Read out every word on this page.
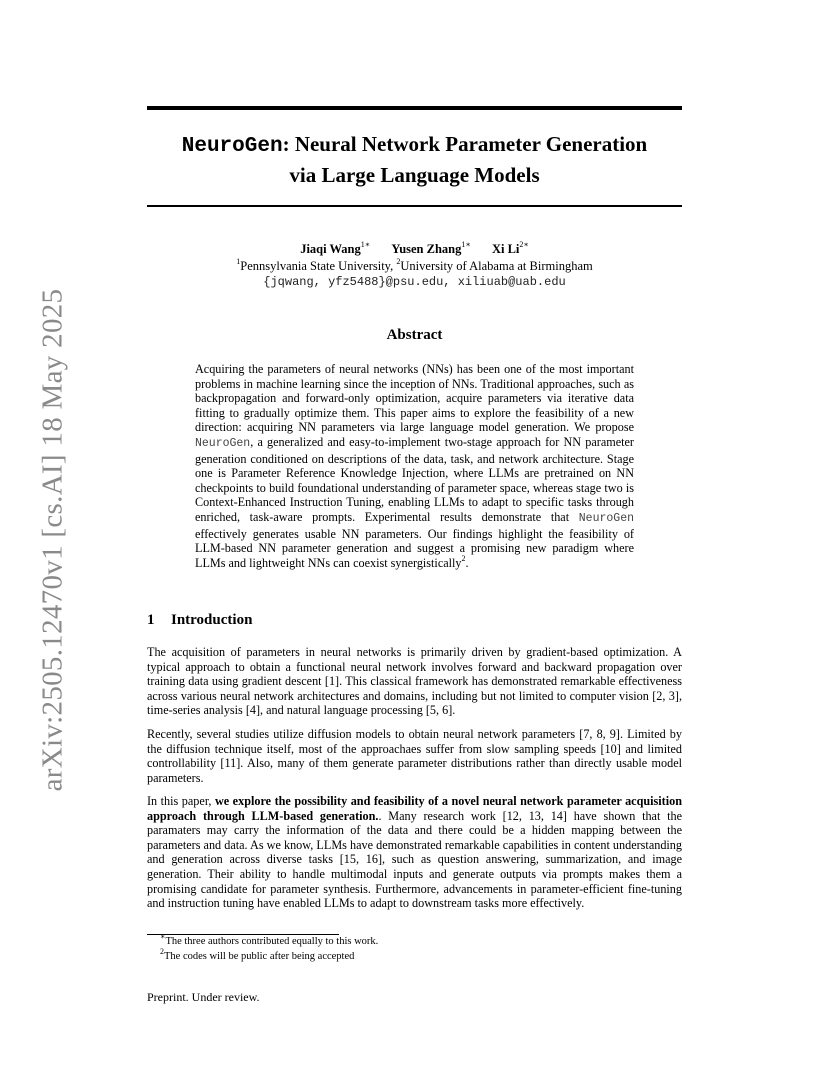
arXiv:2505.12470v1 [cs.AI] 18 May 2025
NeuroGen: Neural Network Parameter Generation
via Large Language Models
Jiaqi Wang$^{1∗}$ Yusen Zhang$^{1∗}$ Xi $Li^{2∗}$
$^1$Pennsylvania State University, $^2$University of Alabama at Birmingham
{jqwang, yfz5488}@psu.edu, xiliuab@uab.edu
Abstract
Acquiring the parameters of neural networks (NNs) has been one of the most important problems in machine learning since the inception of NNs. Traditional approaches, such as backpropagation and forward-only optimization, acquire parameters via iterative data fitting to gradually optimize them. This paper aims to explore the feasibility of a new direction: acquiring NN parameters via large language model generation. We propose NeuroGen, a generalized and easy-to-implement two-stage approach for NN parameter generation conditioned on descriptions of the data, task, and network architecture. Stage one is Parameter Reference Knowledge Injection, where LLMs are pretrained on NN checkpoints to build foundational understanding of parameter space, whereas stage two is Context-Enhanced Instruction Tuning, enabling LLMs to adapt to specific tasks through enriched, task-aware prompts. Experimental results demonstrate that NeuroGen effectively generates usable NN parameters. Our findings highlight the feasibility of LLM-based NN parameter generation and suggest a promising new paradigm where LLMs and lightweight NNs can coexist synergistically$^2$.
1 Introduction

The acquisition of parameters in neural networks is primarily driven by gradient-based optimization. A typical approach to obtain a functional neural network involves forward and backward propagation over training data using gradient descent [1]. This classical framework has demonstrated remarkable effectiveness across various neural network architectures and domains, including but not limited to computer vision [2, 3], time-series analysis [4], and natural language processing [5, 6].

Recently, several studies utilize diffusion models to obtain neural network parameters [7, 8, 9]. Limited by the diffusion technique itself, most of the approachaes suffer from slow sampling speeds [10] and limited controllability [11]. Also, many of them generate parameter distributions rather than directly usable model parameters.

In this paper, we explore the possibility and feasibility of a novel neural network parameter acquisition approach through LLM-based generation.. Many research work [12, 13, 14] have shown that the paramaters may carry the information of the data and there could be a hidden mapping between the parameters and data. As we know, LLMs have demonstrated remarkable capabilities in content understanding and generation across diverse tasks [15, 16], such as question answering, summarization, and image generation. Their ability to handle multimodal inputs and generate outputs via prompts makes them a promising candidate for parameter synthesis. Furthermore, advancements in parameter-efficient fine-tuning and instruction tuning have enabled LLMs to adapt to downstream tasks more effectively.

∗The three authors contributed equally to this work.
$^2$The codes will be public after being accepted
Preprint. Under review.
